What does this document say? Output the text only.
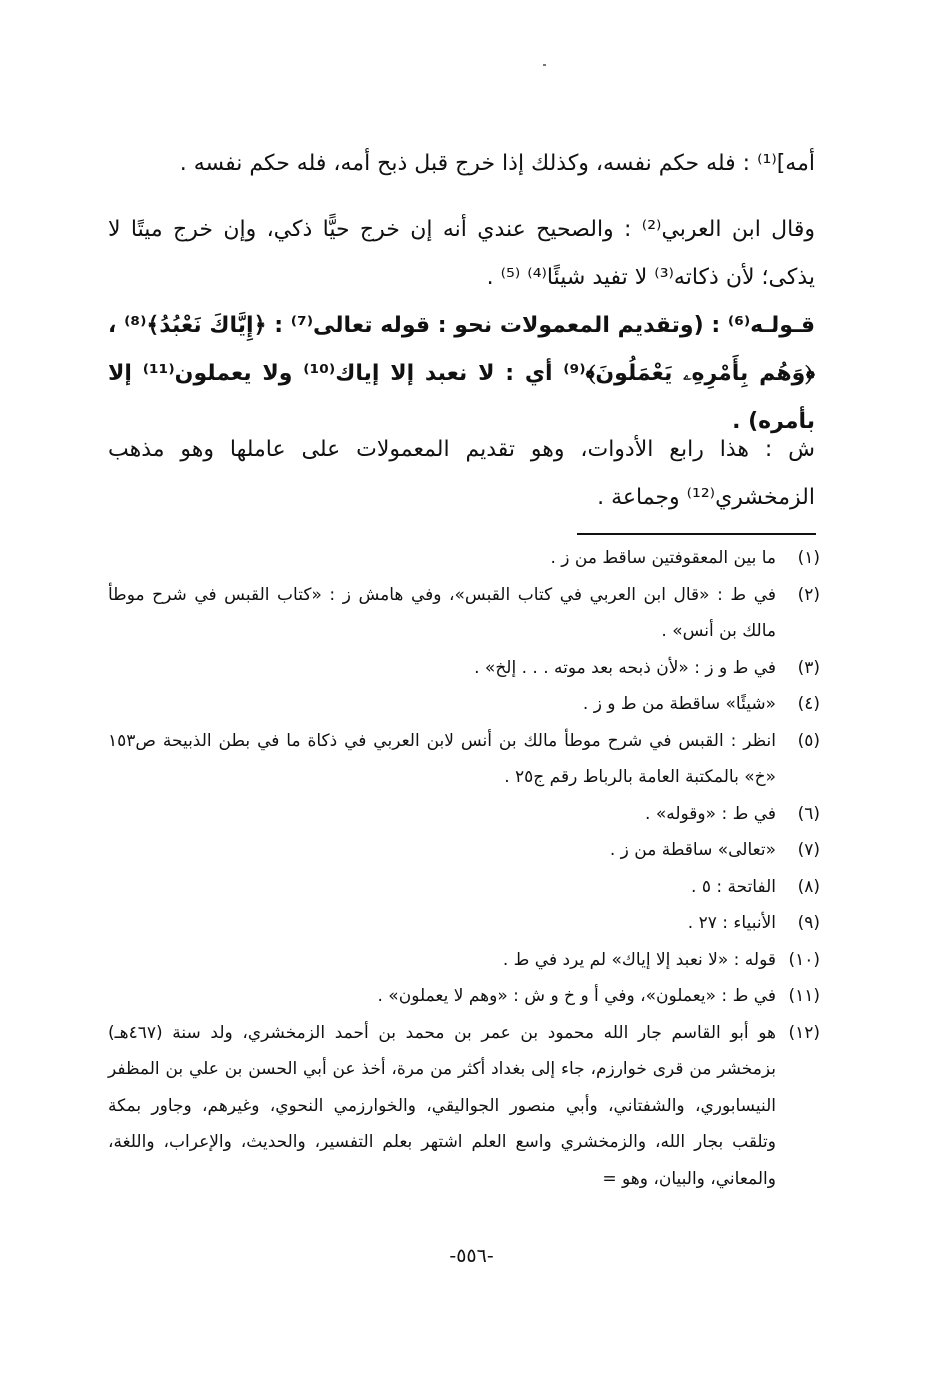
أمه]⁽¹⁾ : فله حكم نفسه، وكذلك إذا خرج قبل ذبح أمه، فله حكم نفسه .

وقال ابن العربي⁽²⁾ : والصحيح عندي أنه إن خرج حيًّا ذكي، وإن خرج ميتًا لا يذكى؛ لأن ذكاته⁽³⁾ لا تفيد شيئًا⁽⁴⁾ ⁽⁵⁾ .

قـولـه⁽⁶⁾ : (وتقديم المعمولات نحو : قوله تعالى⁽⁷⁾ : ﴿إِيَّاكَ نَعْبُدُ﴾⁽⁸⁾ ، ﴿وَهُم بِأَمْرِهِۦ يَعْمَلُونَ﴾⁽⁹⁾ أي : لا نعبد إلا إياك⁽¹⁰⁾ ولا يعملون⁽¹¹⁾ إلا بأمره) .

ش : هذا رابع الأدوات، وهو تقديم المعمولات على عاملها وهو مذهب الزمخشري⁽¹²⁾ وجماعة .

(١)
ما بين المعقوفتين ساقط من ز .
(٢)
في ط : «قال ابن العربي في كتاب القبس»، وفي هامش ز : «كتاب القبس في شرح موطأ مالك بن أنس» .
(٣)
في ط و ز : «لأن ذبحه بعد موته . . . إلخ» .
(٤)
«شيئًا» ساقطة من ط و ز .
(٥)
انظر : القبس في شرح موطأ مالك بن أنس لابن العربي في ذكاة ما في بطن الذبيحة ص١٥٣ «خ» بالمكتبة العامة بالرباط رقم ج٢٥ .
(٦)
في ط : «وقوله» .
(٧)
«تعالى» ساقطة من ز .
(٨)
الفاتحة : ٥ .
(٩)
الأنبياء : ٢٧ .
(١٠)
قوله : «لا نعبد إلا إياك» لم يرد في ط .
(١١)
في ط : «يعملون»، وفي أ و خ و ش : «وهم لا يعملون» .
(١٢)
هو أبو القاسم جار الله محمود بن عمر بن محمد بن أحمد الزمخشري، ولد سنة (٤٦٧هـ) بزمخشر من قرى خوارزم، جاء إلى بغداد أكثر من مرة، أخذ عن أبي الحسن بن علي بن المظفر النيسابوري، والشفتاني، وأبي منصور الجواليقي، والخوارزمي النحوي، وغيرهم، وجاور بمكة وتلقب بجار الله، والزمخشري واسع العلم اشتهر بعلم التفسير، والحديث، والإعراب، واللغة، والمعاني، والبيان، وهو =
-٥٥٦-
